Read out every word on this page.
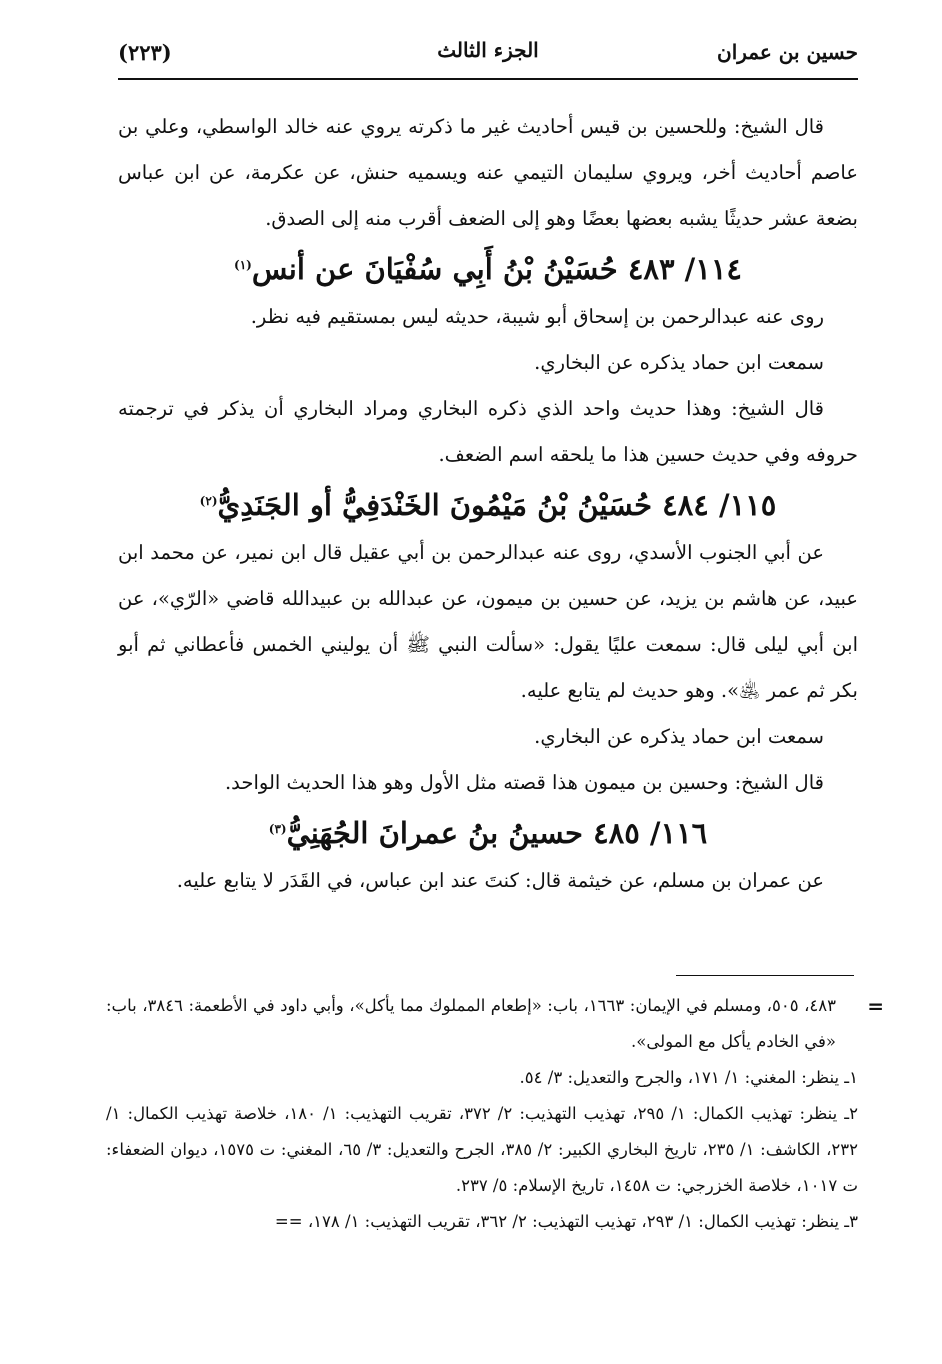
حسين بن عمران
الجزء الثالث
(٢٢٣)

قال الشيخ: وللحسين بن قيس أحاديث غير ما ذكرته يروي عنه خالد الواسطي، وعلي بن عاصم أحاديث أخر، ويروي سليمان التيمي عنه ويسميه حنش، عن عكرمة، عن ابن عباس بضعة عشر حديثًا يشبه بعضها بعضًا وهو إلى الضعف أقرب منه إلى الصدق.

١١٤/ ٤٨٣ حُسَيْنُ بْنُ أَبِي سُفْيَانَ عن أنس$^{(١)}$

روى عنه عبدالرحمن بن إسحاق أبو شيبة، حديثه ليس بمستقيم فيه نظر.

سمعت ابن حماد يذكره عن البخاري.

قال الشيخ: وهذا حديث واحد الذي ذكره البخاري ومراد البخاري أن يذكر في ترجمته حروفه وفي حديث حسين هذا ما يلحقه اسم الضعف.

١١٥/ ٤٨٤ حُسَيْنُ بْنُ مَيْمُونَ الخَنْدَفِيُّ أو الجَنَدِيُّ$^{(٢)}$

عن أبي الجنوب الأسدي، روى عنه عبدالرحمن بن أبي عقيل قال ابن نمير، عن محمد ابن عبيد، عن هاشم بن يزيد، عن حسين بن ميمون، عن عبدالله بن عبيدالله قاضي «الرّي»، عن ابن أبي ليلى قال: سمعت عليًا يقول: «سألت النبي ﷺ أن يوليني الخمس فأعطاني ثم أبو بكر ثم عمر ﵁». وهو حديث لم يتابع عليه.

سمعت ابن حماد يذكره عن البخاري.

قال الشيخ: وحسين بن ميمون هذا قصته مثل الأول وهو هذا الحديث الواحد.

١١٦/ ٤٨٥ حسينُ بنُ عمرانَ الجُهَنِيُّ$^{(٣)}$

عن عمران بن مسلم، عن خيثمة قال: كنتَ عند ابن عباس، في القَدَر لا يتابع عليه.

=

٤٨٣، ٥٠٥، ومسلم في الإيمان: ١٦٦٣، باب: «إطعام المملوك مما يأكل»، وأبي داود في الأطعمة: ٣٨٤٦، باب: «في الخادم يأكل مع المولى».

١ـ ينظر: المغني: ١/ ١٧١، والجرح والتعديل: ٣/ ٥٤.

٢ـ ينظر: تهذيب الكمال: ١/ ٢٩٥، تهذيب التهذيب: ٢/ ٣٧٢، تقريب التهذيب: ١/ ١٨٠، خلاصة تهذيب الكمال: ١/ ٢٣٢، الكاشف: ١/ ٢٣٥، تاريخ البخاري الكبير: ٢/ ٣٨٥، الجرح والتعديل: ٣/ ٦٥، المغني: ت ١٥٧٥، ديوان الضعفاء: ت ١٠١٧، خلاصة الخزرجي: ت ١٤٥٨، تاريخ الإسلام: ٥/ ٢٣٧.

٣ـ ينظر: تهذيب الكمال: ١/ ٢٩٣، تهذيب التهذيب: ٢/ ٣٦٢، تقريب التهذيب: ١/ ١٧٨، ==
